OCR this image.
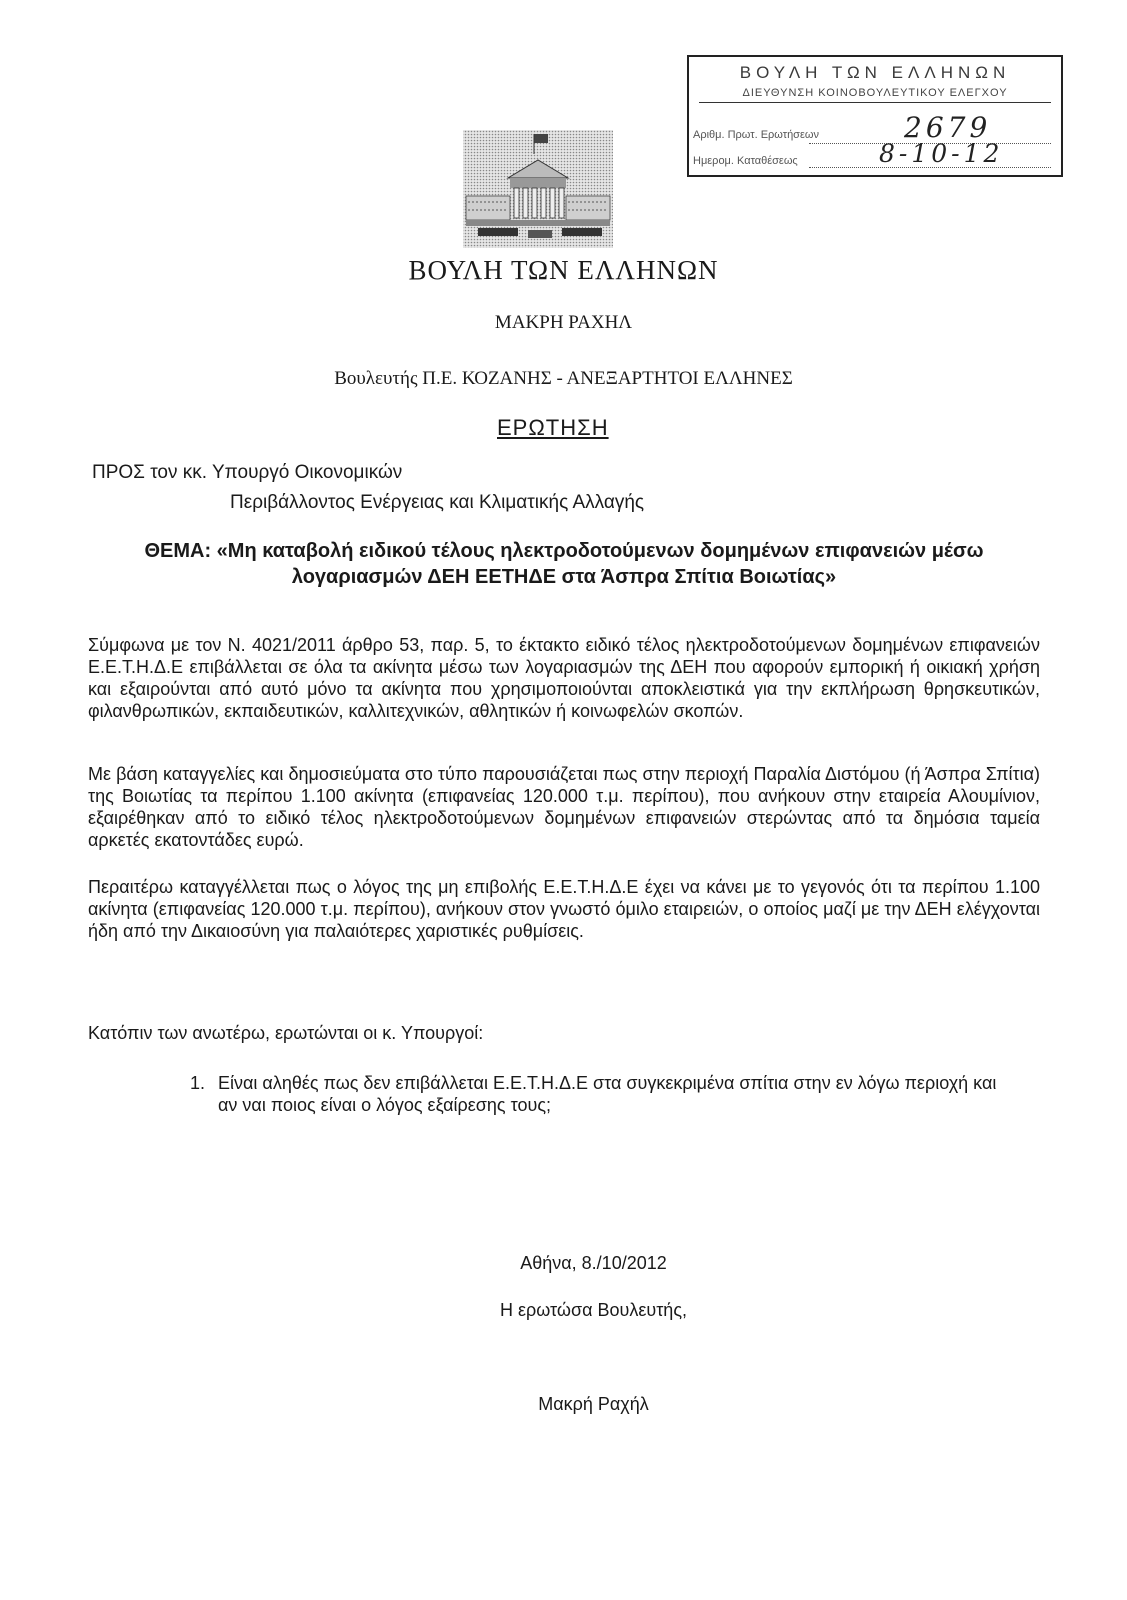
ΒΟΥΛΗ ΤΩΝ ΕΛΛΗΝΩΝ
ΔΙΕΥΘΥΝΣΗ ΚΟΙΝΟΒΟΥΛΕΥΤΙΚΟΥ ΕΛΕΓΧΟΥ
Αριθμ. Πρωτ. Ερωτήσεων	2679
Ημερομ. Καταθέσεως	8-10-12
ΒΟΥΛΗ ΤΩΝ ΕΛΛΗΝΩΝ
ΜΑΚΡΗ ΡΑΧΗΛ
Βουλευτής Π.Ε. ΚΟΖΑΝΗΣ - ΑΝΕΞΑΡΤΗΤΟΙ ΕΛΛΗΝΕΣ
ΕΡΩΤΗΣΗ
ΠΡΟΣ τον κκ. Υπουργό Οικονομικών
Περιβάλλοντος Ενέργειας και Κλιματικής Αλλαγής
ΘΕΜΑ: «Μη καταβολή ειδικού τέλους ηλεκτροδοτούμενων δομημένων επιφανειών μέσω
λογαριασμών ΔΕΗ ΕΕΤΗΔΕ στα Άσπρα Σπίτια Βοιωτίας»
Σύμφωνα με τον Ν. 4021/2011 άρθρο 53, παρ. 5, το έκτακτο ειδικό τέλος ηλεκτροδοτούμενων δομημένων επιφανειών Ε.Ε.Τ.Η.Δ.Ε επιβάλλεται σε όλα τα ακίνητα μέσω των λογαριασμών της ΔΕΗ που αφορούν εμπορική ή οικιακή χρήση και εξαιρούνται από αυτό μόνο τα ακίνητα που χρησιμοποιούνται αποκλειστικά για την εκπλήρωση θρησκευτικών, φιλανθρωπικών, εκπαιδευτικών, καλλιτεχνικών, αθλητικών ή κοινωφελών σκοπών.
Με βάση καταγγελίες και δημοσιεύματα στο τύπο παρουσιάζεται πως στην περιοχή Παραλία Διστόμου (ή Άσπρα Σπίτια) της Βοιωτίας τα περίπου 1.100 ακίνητα (επιφανείας 120.000 τ.μ. περίπου), που ανήκουν στην εταιρεία Αλουμίνιον, εξαιρέθηκαν από το ειδικό τέλος ηλεκτροδοτούμενων δομημένων επιφανειών στερώντας από τα δημόσια ταμεία αρκετές εκατοντάδες ευρώ.
Περαιτέρω καταγγέλλεται πως ο λόγος της μη επιβολής Ε.Ε.Τ.Η.Δ.Ε έχει να κάνει με το γεγονός ότι τα περίπου 1.100 ακίνητα (επιφανείας 120.000 τ.μ. περίπου), ανήκουν στον γνωστό όμιλο εταιρειών, ο οποίος μαζί με την ΔΕΗ ελέγχονται ήδη από την Δικαιοσύνη για παλαιότερες χαριστικές ρυθμίσεις.
Κατόπιν των ανωτέρω, ερωτώνται οι κ. Υπουργοί:
1. Είναι αληθές πως δεν επιβάλλεται Ε.Ε.Τ.Η.Δ.Ε στα συγκεκριμένα σπίτια στην εν λόγω περιοχή και αν ναι ποιος είναι ο λόγος εξαίρεσης τους;
Αθήνα, 8./10/2012
Η ερωτώσα Βουλευτής,
Μακρή Ραχήλ
